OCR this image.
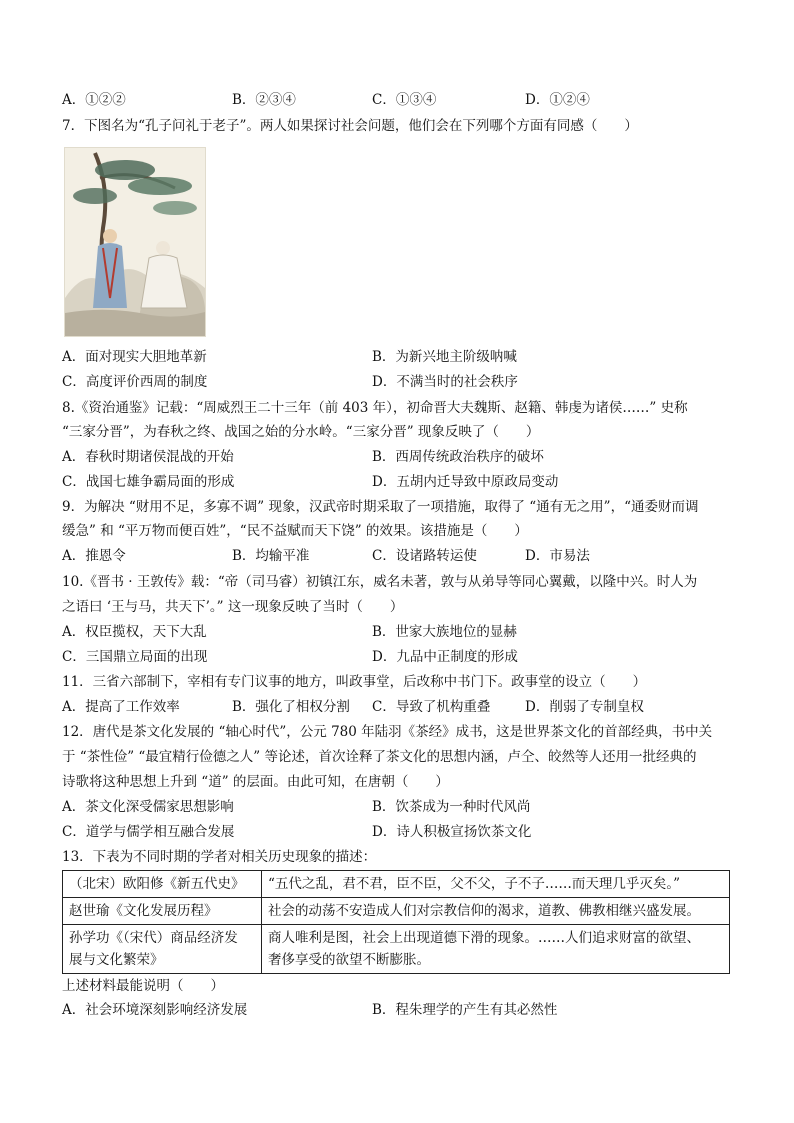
A．①②②	B．②③④	C．①③④	D．①②④
7．下图名为“孔子问礼于老子”。两人如果探讨社会问题，他们会在下列哪个方面有同感（　　）
A．面对现实大胆地革新	B．为新兴地主阶级呐喊
C．高度评价西周的制度	D．不满当时的社会秩序
8.《资治通鉴》记载：“周威烈王二十三年（前 403 年），初命晋大夫魏斯、赵籍、韩虔为诸侯……” 史称
“三家分晋”，为春秋之终、战国之始的分水岭。“三家分晋” 现象反映了（　　）
A．春秋时期诸侯混战的开始	B．西周传统政治秩序的破坏
C．战国七雄争霸局面的形成	D．五胡内迁导致中原政局变动
9．为解决 “财用不足，多寡不调” 现象，汉武帝时期采取了一项措施，取得了 “通有无之用”，“通委财而调
缓急” 和 “平万物而便百姓”，“民不益赋而天下饶” 的效果。该措施是（　　）
A．推恩令	B．均输平准	C．设诸路转运使	D．市易法
10.《晋书 · 王敦传》载：“帝（司马睿）初镇江东，威名未著，敦与从弟导等同心翼戴，以隆中兴。时人为
之语曰 ‘王与马，共天下’。” 这一现象反映了当时（　　）
A．权臣揽权，天下大乱	B．世家大族地位的显赫
C．三国鼎立局面的出现	D．九品中正制度的形成
11．三省六部制下，宰相有专门议事的地方，叫政事堂，后改称中书门下。政事堂的设立（　　）
A．提高了工作效率	B．强化了相权分割 C．导致了机构重叠	D．削弱了专制皇权
12．唐代是茶文化发展的 “轴心时代”，公元 780 年陆羽《茶经》成书，这是世界茶文化的首部经典，书中关
于 “茶性俭” “最宜精行俭德之人” 等论述，首次诠释了茶文化的思想内涵，卢仝、皎然等人还用一批经典的
诗歌将这种思想上升到 “道” 的层面。由此可知，在唐朝（　　）
A．茶文化深受儒家思想影响	B．饮茶成为一种时代风尚
C．道学与儒学相互融合发展	D．诗人积极宣扬饮茶文化
13．下表为不同时期的学者对相关历史现象的描述：
（北宋）欧阳修《新五代史》	“五代之乱，君不君，臣不臣，父不父，子不子……而天理几乎灭矣。”
赵世瑜《文化发展历程》	社会的动荡不安造成人们对宗教信仰的渴求，道教、佛教相继兴盛发展。
孙学功《（宋代）商品经济发
展与文化繁荣》	商人唯利是图，社会上出现道德下滑的现象。……人们追求财富的欲望、
奢侈享受的欲望不断膨胀。
上述材料最能说明（　　）
A．社会环境深刻影响经济发展	B．程朱理学的产生有其必然性
